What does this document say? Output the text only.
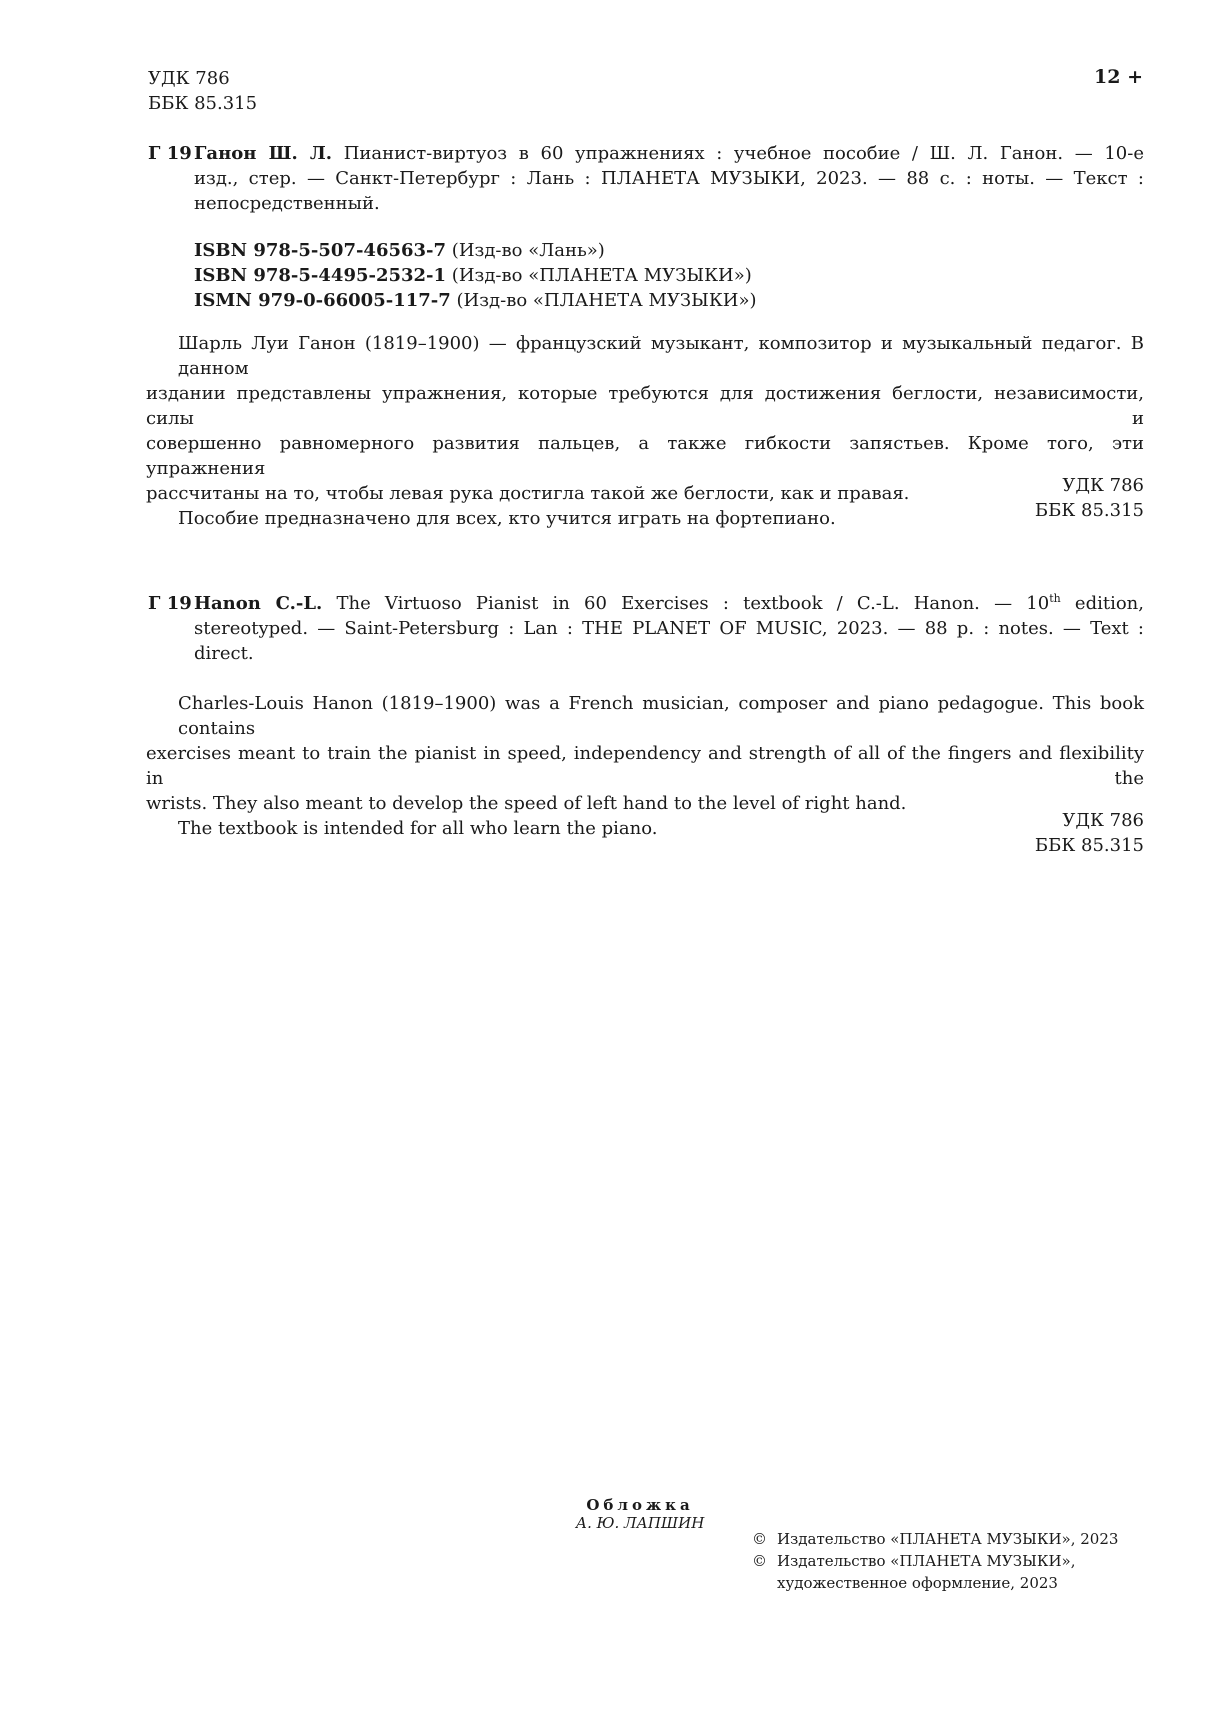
УДК 786
ББК 85.315
12 +
Г 19 Ганон Ш. Л. Пианист-виртуоз в 60 упражнениях : учебное пособие / Ш. Л. Ганон. — 10-е
изд., стер. — Санкт-Петербург : Лань : ПЛАНЕТА МУЗЫКИ, 2023. — 88 с. : ноты. — Текст :
непосредственный.
ISBN 978-5-507-46563-7 (Изд-во «Лань»)
ISBN 978-5-4495-2532-1 (Изд-во «ПЛАНЕТА МУЗЫКИ»)
ISMN 979-0-66005-117-7 (Изд-во «ПЛАНЕТА МУЗЫКИ»)
Шарль Луи Ганон (1819–1900) — французский музыкант, композитор и музыкальный педагог. В данном
издании представлены упражнения, которые требуются для достижения беглости, независимости, силы и
совершенно равномерного развития пальцев, а также гибкости запястьев. Кроме того, эти упражнения
рассчитаны на то, чтобы левая рука достигла такой же беглости, как и правая.
Пособие предназначено для всех, кто учится играть на фортепиано.
УДК 786
ББК 85.315
Г 19 Hanon C.-L. The Virtuoso Pianist in 60 Exercises : textbook / C.-L. Hanon. — 10th edition,
stereotyped. — Saint-Petersburg : Lan : THE PLANET OF MUSIC, 2023. — 88 p. : notes. — Text :
direct.
Charles-Louis Hanon (1819–1900) was a French musician, composer and piano pedagogue. This book contains
exercises meant to train the pianist in speed, independency and strength of all of the fingers and flexibility in the
wrists. They also meant to develop the speed of left hand to the level of right hand.
The textbook is intended for all who learn the piano.	УДК 786
ББК 85.315
Обложка
А. Ю. ЛАПШИН
© Издательство «ПЛАНЕТА МУЗЫКИ», 2023
© Издательство «ПЛАНЕТА МУЗЫКИ»,
художественное оформление, 2023
